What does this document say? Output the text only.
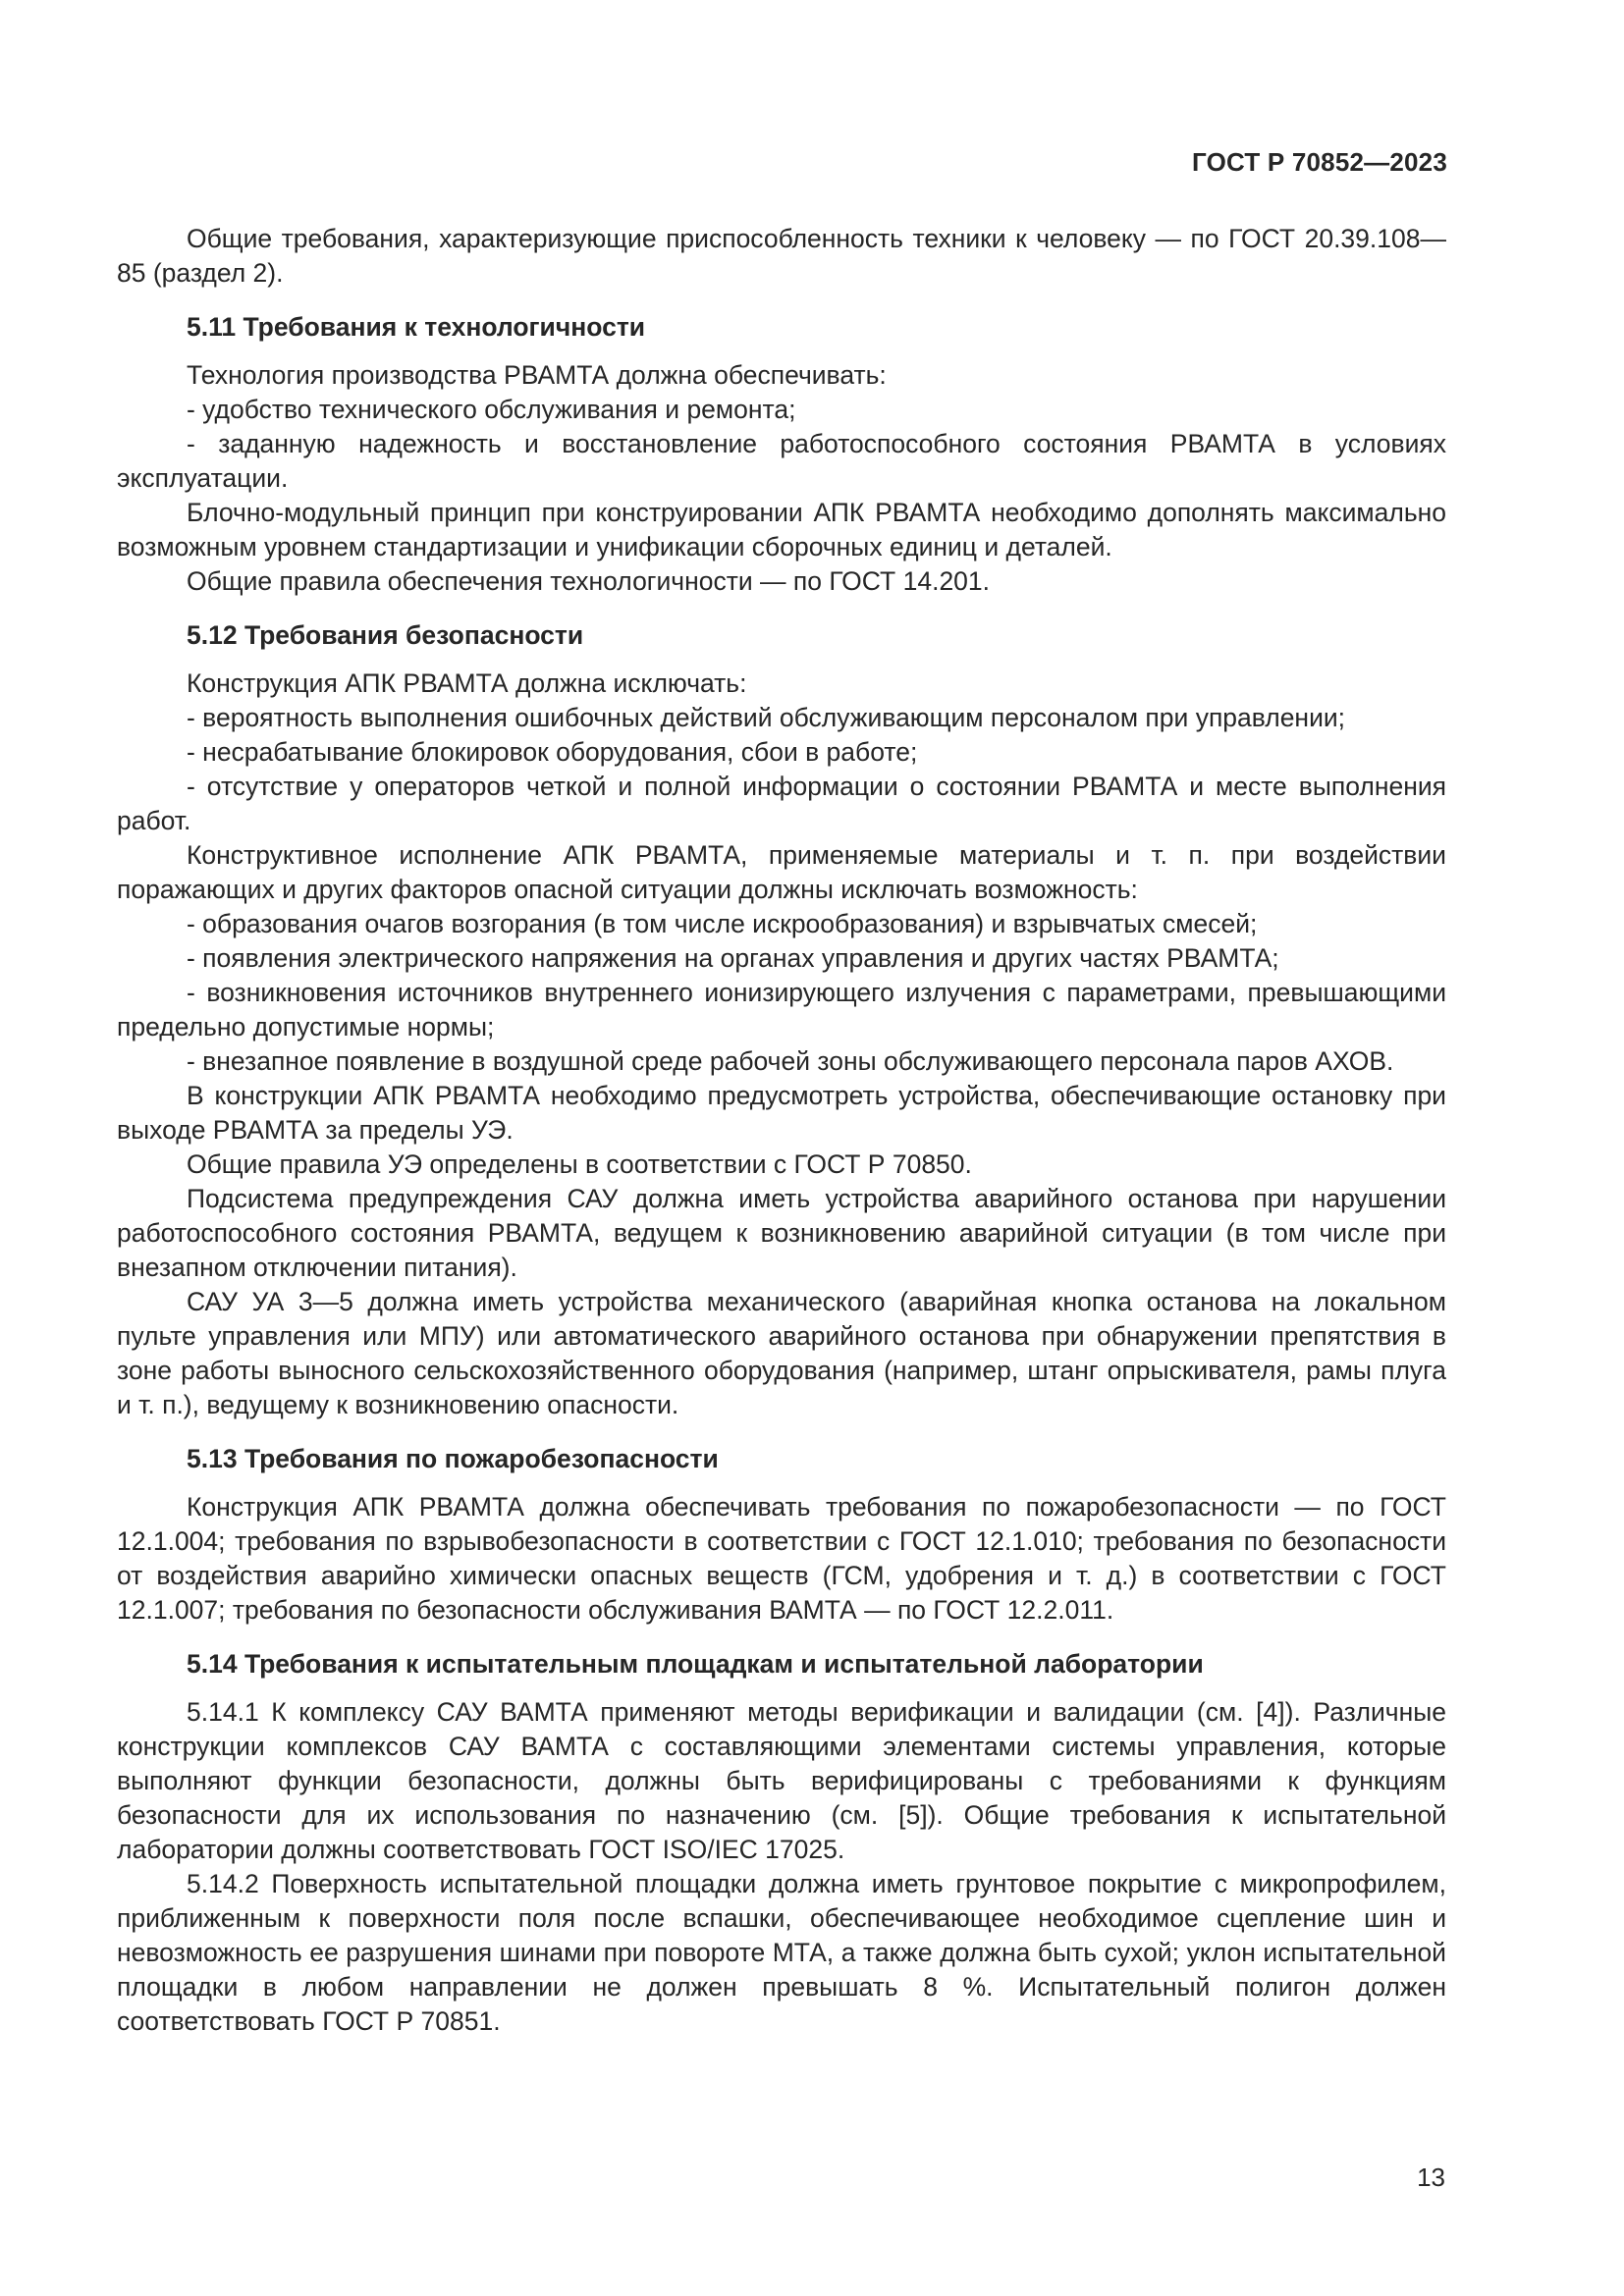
ГОСТ Р 70852—2023

Общие требования, характеризующие приспособленность техники к человеку — по ГОСТ 20.39.108—85 (раздел 2).

5.11 Требования к технологичности

Технология производства РВАМТА должна обеспечивать:

- удобство технического обслуживания и ремонта;

- заданную надежность и восстановление работоспособного состояния РВАМТА в условиях эксплуатации.

Блочно-модульный принцип при конструировании АПК РВАМТА необходимо дополнять максимально возможным уровнем стандартизации и унификации сборочных единиц и деталей.

Общие правила обеспечения технологичности — по ГОСТ 14.201.

5.12 Требования безопасности

Конструкция АПК РВАМТА должна исключать:

- вероятность выполнения ошибочных действий обслуживающим персоналом при управлении;

- несрабатывание блокировок оборудования, сбои в работе;

- отсутствие у операторов четкой и полной информации о состоянии РВАМТА и месте выполнения работ.

Конструктивное исполнение АПК РВАМТА, применяемые материалы и т. п. при воздействии поражающих и других факторов опасной ситуации должны исключать возможность:

- образования очагов возгорания (в том числе искрообразования) и взрывчатых смесей;

- появления электрического напряжения на органах управления и других частях РВАМТА;

- возникновения источников внутреннего ионизирующего излучения с параметрами, превышающими предельно допустимые нормы;

- внезапное появление в воздушной среде рабочей зоны обслуживающего персонала паров АХОВ.

В конструкции АПК РВАМТА необходимо предусмотреть устройства, обеспечивающие остановку при выходе РВАМТА за пределы УЭ.

Общие правила УЭ определены в соответствии с ГОСТ Р 70850.

Подсистема предупреждения САУ должна иметь устройства аварийного останова при нарушении работоспособного состояния РВАМТА, ведущем к возникновению аварийной ситуации (в том числе при внезапном отключении питания).

САУ УА 3—5 должна иметь устройства механического (аварийная кнопка останова на локальном пульте управления или МПУ) или автоматического аварийного останова при обнаружении препятствия в зоне работы выносного сельскохозяйственного оборудования (например, штанг опрыскивателя, рамы плуга и т. п.), ведущему к возникновению опасности.

5.13 Требования по пожаробезопасности

Конструкция АПК РВАМТА должна обеспечивать требования по пожаробезопасности — по ГОСТ 12.1.004; требования по взрывобезопасности в соответствии с ГОСТ 12.1.010; требования по безопасности от воздействия аварийно химически опасных веществ (ГСМ, удобрения и т. д.) в соответствии с ГОСТ 12.1.007; требования по безопасности обслуживания ВАМТА — по ГОСТ 12.2.011.

5.14 Требования к испытательным площадкам и испытательной лаборатории

5.14.1 К комплексу САУ ВАМТА применяют методы верификации и валидации (см. [4]). Различные конструкции комплексов САУ ВАМТА с составляющими элементами системы управления, которые выполняют функции безопасности, должны быть верифицированы с требованиями к функциям безопасности для их использования по назначению (см. [5]). Общие требования к испытательной лаборатории должны соответствовать ГОСТ ISO/IEC 17025.

5.14.2 Поверхность испытательной площадки должна иметь грунтовое покрытие с микропрофилем, приближенным к поверхности поля после вспашки, обеспечивающее необходимое сцепление шин и невозможность ее разрушения шинами при повороте МТА, а также должна быть сухой; уклон испытательной площадки в любом направлении не должен превышать 8 %. Испытательный полигон должен соответствовать ГОСТ Р 70851.

13
